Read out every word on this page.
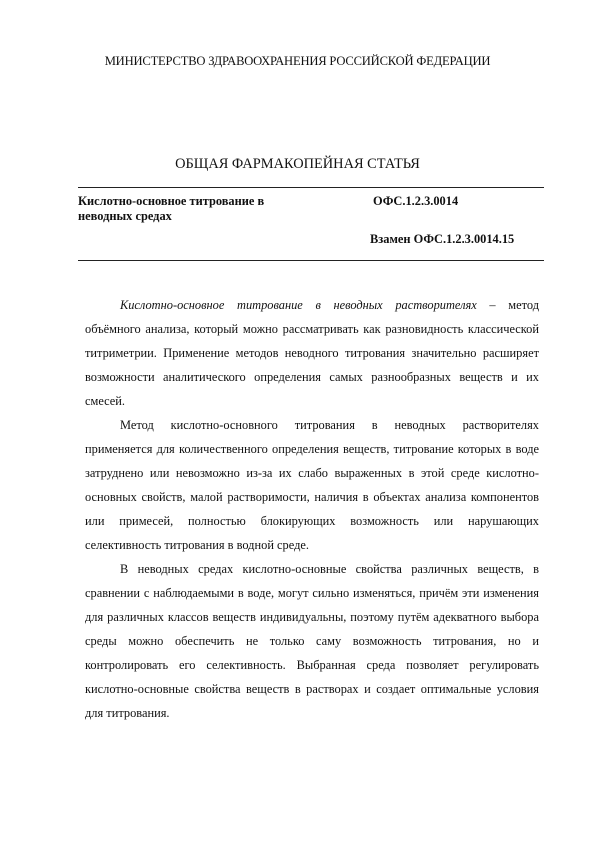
МИНИСТЕРСТВО ЗДРАВООХРАНЕНИЯ РОССИЙСКОЙ ФЕДЕРАЦИИ
ОБЩАЯ ФАРМАКОПЕЙНАЯ СТАТЬЯ
Кислотно-основное титрование в неводных средах
ОФС.1.2.3.0014
Взамен ОФС.1.2.3.0014.15

Кислотно-основное титрование в неводных растворителях – метод объёмного анализа, который можно рассматривать как разновидность классической титриметрии. Применение методов неводного титрования значительно расширяет возможности аналитического определения самых разнообразных веществ и их смесей.

Метод кислотно-основного титрования в неводных растворителях применяется для количественного определения веществ, титрование которых в воде затруднено или невозможно из-за их слабо выраженных в этой среде кислотно-основных свойств, малой растворимости, наличия в объектах анализа компонентов или примесей, полностью блокирующих возможность или нарушающих селективность титрования в водной среде.

В неводных средах кислотно-основные свойства различных веществ, в сравнении с наблюдаемыми в воде, могут сильно изменяться, причём эти изменения для различных классов веществ индивидуальны, поэтому путём адекватного выбора среды можно обеспечить не только саму возможность титрования, но и контролировать его селективность. Выбранная среда позволяет регулировать кислотно-основные свойства веществ в растворах и создает оптимальные условия для титрования.
